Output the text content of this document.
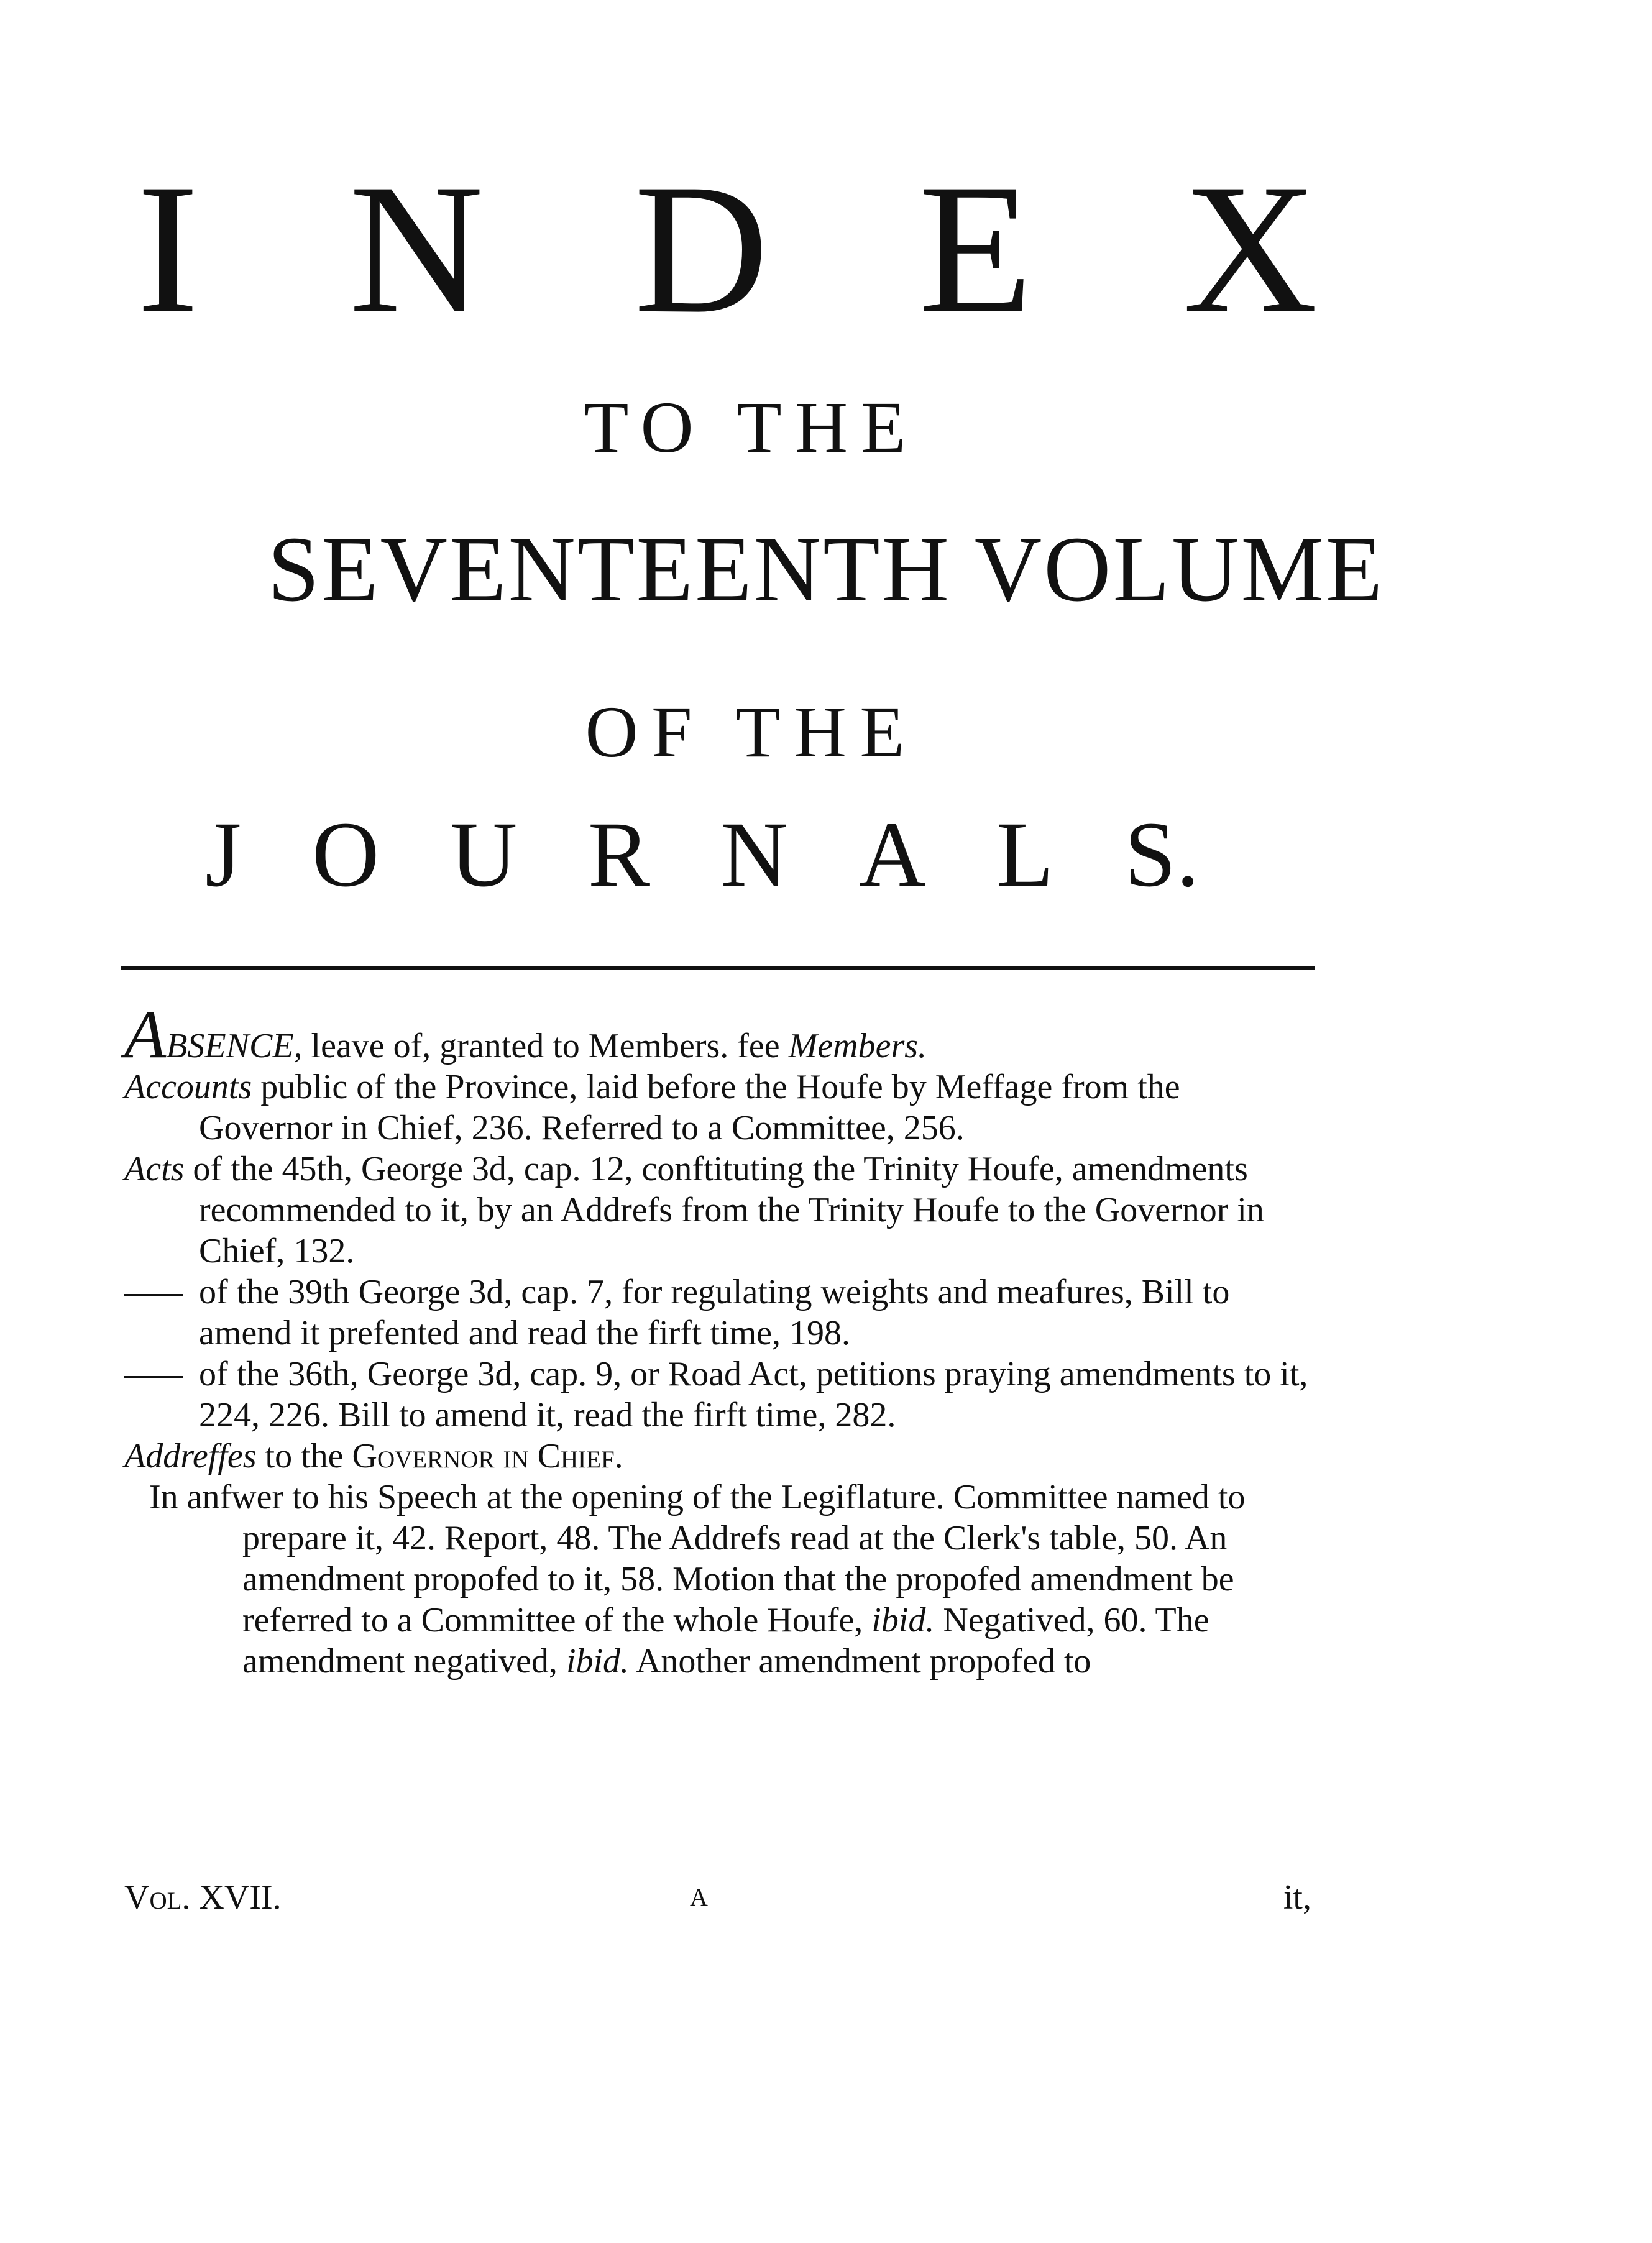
I N D E X
TO THE
SEVENTEENTH VOLUME
OF THE
J O U R N A L S.

ABSENCE, leave of, granted to Members. fee Members.

Accounts public of the Province, laid before the Houfe by Meffage from the Governor in Chief, 236. Referred to a Committee, 256.

Acts of the 45th, George 3d, cap. 12, conftituting the Trinity Houfe, amendments recommended to it, by an Addrefs from the Trinity Houfe to the Governor in Chief, 132.

of the 39th George 3d, cap. 7, for regulating weights and meafures, Bill to amend it prefented and read the firft time, 198.

of the 36th, George 3d, cap. 9, or Road Act, petitions praying amendments to it, 224, 226. Bill to amend it, read the firft time, 282.

Addreffes to the Governor in Chief.

In anfwer to his Speech at the opening of the Legiflature. Committee named to prepare it, 42. Report, 48. The Addrefs read at the Clerk's table, 50. An amendment propofed to it, 58. Motion that the propofed amendment be referred to a Committee of the whole Houfe, ibid. Negatived, 60. The amendment negatived, ibid. Another amendment propofed to

Vol. XVII.	A	it,
